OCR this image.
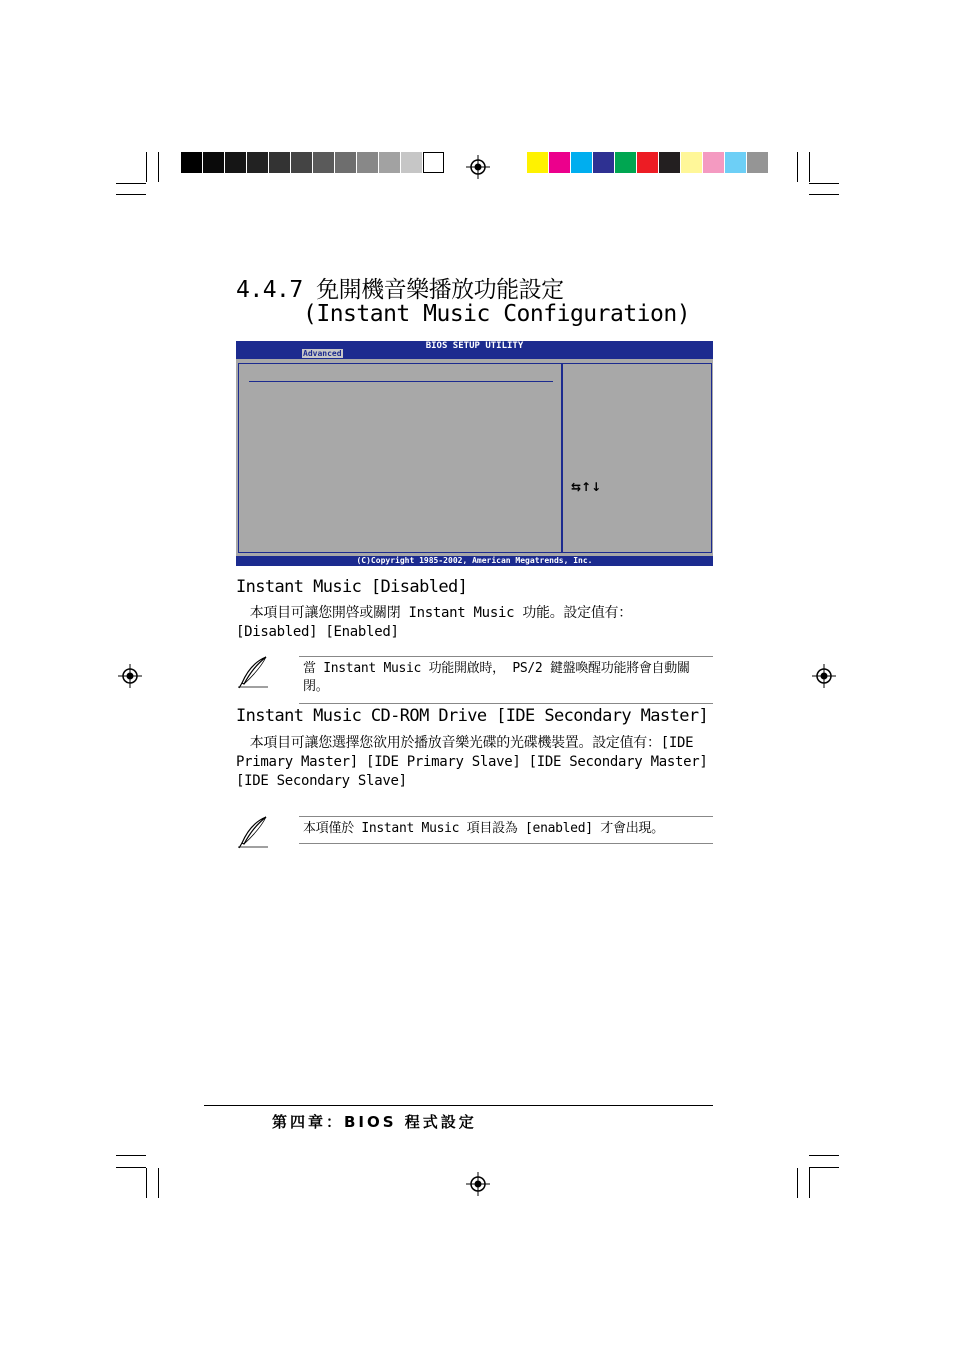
4.4.7 免開機音樂播放功能設定
(Instant Music Configuration)
BIOS SETUP UTILITY
Advanced
⇆↑↓
(C)Copyright 1985-2002, American Megatrends, Inc.
Instant Music [Disabled]
　本項目可讓您開啓或關閉 Instant Music 功能。設定值有：[Disabled] [Enabled]
當 Instant Music 功能開啟時， PS/2 鍵盤喚醒功能將會自動關閉。
Instant Music CD-ROM Drive [IDE Secondary Master]
　本項目可讓您選擇您欲用於播放音樂光碟的光碟機裝置。設定值有：[IDE Primary Master] [IDE Primary Slave] [IDE Secondary Master] [IDE Secondary Slave]
本項僅於 Instant Music 項目設為 [enabled] 才會出現。
第四章：BIOS 程式設定
